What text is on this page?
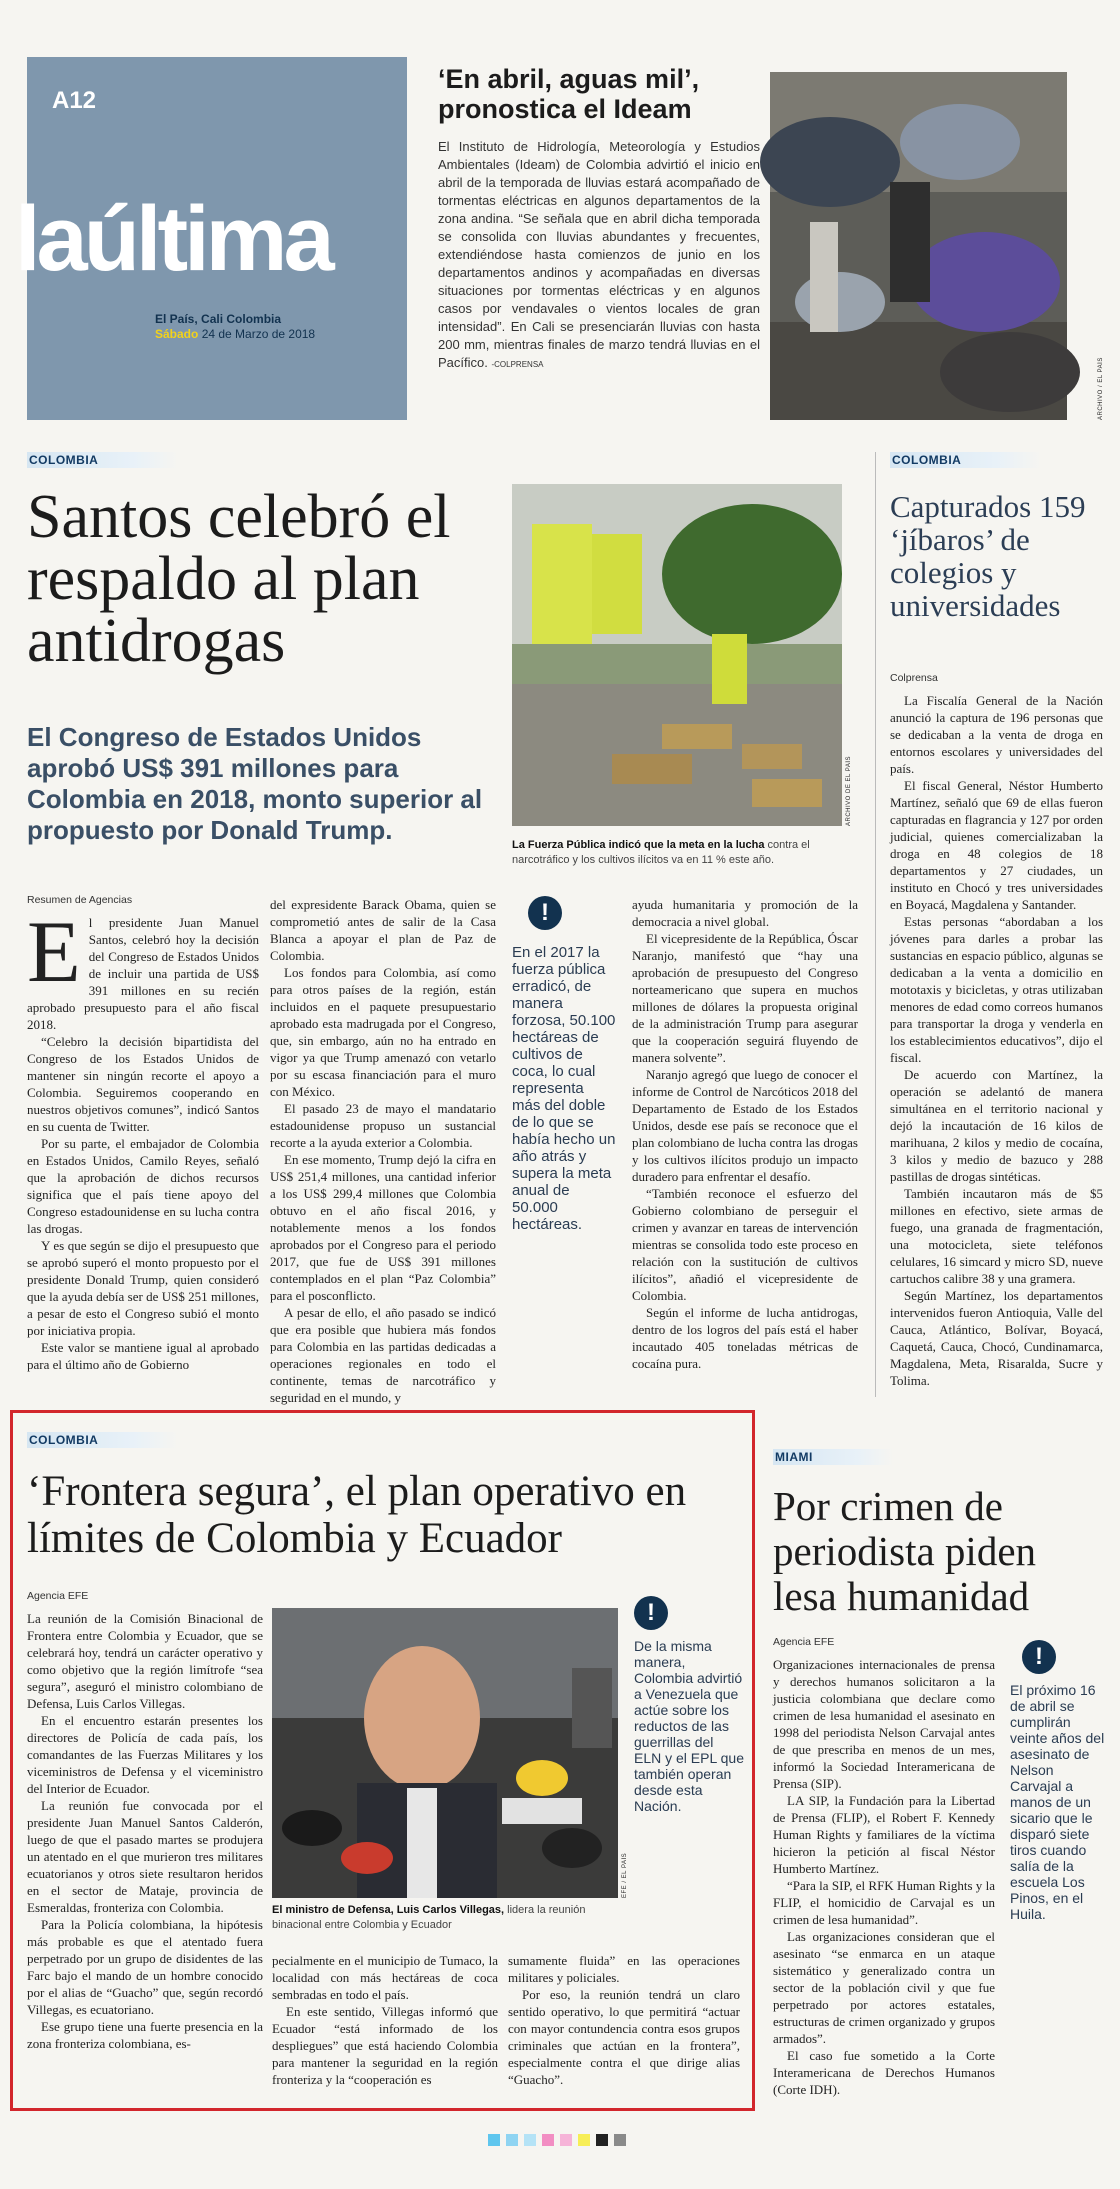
A12
laúltima
El País, Cali Colombia
Sábado 24 de Marzo de 2018
‘En abril, aguas mil’, pronostica el Ideam
El Instituto de Hidrología, Meteorología y Estudios Ambientales (Ideam) de Colombia advirtió el inicio en abril de la temporada de lluvias estará acompañado de tormentas eléctricas en algunos departamentos de la zona andina. “Se señala que en abril dicha temporada se consolida con lluvias abundantes y frecuentes, extendiéndose hasta comienzos de junio en los departamentos andinos y acompañadas en diversas situaciones por tormentas eléctricas y en algunos casos por vendavales o vientos locales de gran intensidad”. En Cali se presenciarán lluvias con hasta 200 mm, mientras finales de marzo tendrá lluvias en el Pacífico. -COLPRENSA	ARCHIVO / EL PAÍS
COLOMBIA
Santos celebró el respaldo al plan antidrogas
El Congreso de Estados Unidos aprobó US$ 391 millones para Colombia en 2018, monto superior al propuesto por Donald Trump.
ARCHIVO DE EL PAÍS
La Fuerza Pública indicó que la meta en la lucha contra el narcotráfico y los cultivos ilícitos va en 11 % este año.
Resumen de Agencias

El presidente Juan Manuel Santos, celebró hoy la decisión del Congreso de Estados Unidos de incluir una partida de US$ 391 millones en su recién aprobado presupuesto para el año fiscal 2018.

“Celebro la decisión bipartidista del Congreso de los Estados Unidos de mantener sin ningún recorte el apoyo a Colombia. Seguiremos cooperando en nuestros objetivos comunes”, indicó Santos en su cuenta de Twitter.

Por su parte, el embajador de Colombia en Estados Unidos, Camilo Reyes, señaló que la aprobación de dichos recursos significa que el país tiene apoyo del Congreso estadounidense en su lucha contra las drogas.

Y es que según se dijo el presupuesto que se aprobó superó el monto propuesto por el presidente Donald Trump, quien consideró que la ayuda debía ser de US$ 251 millones, a pesar de esto el Congreso subió el monto por iniciativa propia.

Este valor se mantiene igual al aprobado para el último año de Gobierno

del expresidente Barack Obama, quien se comprometió antes de salir de la Casa Blanca a apoyar el plan de Paz de Colombia.

Los fondos para Colombia, así como para otros países de la región, están incluidos en el paquete presupuestario aprobado esta madrugada por el Congreso, que, sin embargo, aún no ha entrado en vigor ya que Trump amenazó con vetarlo por su escasa financiación para el muro con México.

El pasado 23 de mayo el mandatario estadounidense propuso un sustancial recorte a la ayuda exterior a Colombia.

En ese momento, Trump dejó la cifra en US$ 251,4 millones, una cantidad inferior a los US$ 299,4 millones que Colombia obtuvo en el año fiscal 2016, y notablemente menos a los fondos aprobados por el Congreso para el periodo 2017, que fue de US$ 391 millones contemplados en el plan “Paz Colombia” para el posconflicto.

A pesar de ello, el año pasado se indicó que era posible que hubiera más fondos para Colombia en las partidas dedicadas a operaciones regionales en todo el continente, temas de narcotráfico y seguridad en el mundo, y

!
En el 2017 la fuerza pública erradicó, de manera forzosa, 50.100 hectáreas de cultivos de coca, lo cual representa más del doble de lo que se había hecho un año atrás y supera la meta anual de 50.000 hectáreas.

ayuda humanitaria y promoción de la democracia a nivel global.

El vicepresidente de la República, Óscar Naranjo, manifestó que “hay una aprobación de presupuesto del Congreso norteamericano que supera en muchos millones de dólares la propuesta original de la administración Trump para asegurar que la cooperación seguirá fluyendo de manera solvente”.

Naranjo agregó que luego de conocer el informe de Control de Narcóticos 2018 del Departamento de Estado de los Estados Unidos, desde ese país se reconoce que el plan colombiano de lucha contra las drogas y los cultivos ilícitos produjo un impacto duradero para enfrentar el desafío.

“También reconoce el esfuerzo del Gobierno colombiano de perseguir el crimen y avanzar en tareas de intervención mientras se consolida todo este proceso en relación con la sustitución de cultivos ilícitos”, añadió el vicepresidente de Colombia.

Según el informe de lucha antidrogas, dentro de los logros del país está el haber incautado 405 toneladas métricas de cocaína pura.

COLOMBIA
Capturados 159 ‘jíbaros’ de colegios y universidades
Colprensa

La Fiscalía General de la Nación anunció la captura de 196 personas que se dedicaban a la venta de droga en entornos escolares y universidades del país.

El fiscal General, Néstor Humberto Martínez, señaló que 69 de ellas fueron capturadas en flagrancia y 127 por orden judicial, quienes comercializaban la droga en 48 colegios de 18 departamentos y 27 ciudades, un instituto en Chocó y tres universidades en Boyacá, Magdalena y Santander.

Estas personas “abordaban a los jóvenes para darles a probar las sustancias en espacio público, algunas se dedicaban a la venta a domicilio en mototaxis y bicicletas, y otras utilizaban menores de edad como correos humanos para transportar la droga y venderla en los establecimientos educativos”, dijo el fiscal.

De acuerdo con Martínez, la operación se adelantó de manera simultánea en el territorio nacional y dejó la incautación de 16 kilos de marihuana, 2 kilos y medio de cocaína, 3 kilos y medio de bazuco y 288 pastillas de drogas sintéticas.

También incautaron más de $5 millones en efectivo, siete armas de fuego, una granada de fragmentación, una motocicleta, siete teléfonos celulares, 16 simcard y micro SD, nueve cartuchos calibre 38 y una gramera.

Según Martínez, los departamentos intervenidos fueron Antioquia, Valle del Cauca, Atlántico, Bolívar, Boyacá, Caquetá, Cauca, Chocó, Cundinamarca, Magdalena, Meta, Risaralda, Sucre y Tolima.

COLOMBIA
‘Frontera segura’, el plan operativo en límites de Colombia y Ecuador
Agencia EFE

La reunión de la Comisión Binacional de Frontera entre Colombia y Ecuador, que se celebrará hoy, tendrá un carácter operativo y como objetivo que la región limítrofe “sea segura”, aseguró el ministro colombiano de Defensa, Luis Carlos Villegas.

En el encuentro estarán presentes los directores de Policía de cada país, los comandantes de las Fuerzas Militares y los viceministros de Defensa y el viceministro del Interior de Ecuador.

La reunión fue convocada por el presidente Juan Manuel Santos Calderón, luego de que el pasado martes se produjera un atentado en el que murieron tres militares ecuatorianos y otros siete resultaron heridos en el sector de Mataje, provincia de Esmeraldas, fronteriza con Colombia.

Para la Policía colombiana, la hipótesis más probable es que el atentado fuera perpetrado por un grupo de disidentes de las Farc bajo el mando de un hombre conocido por el alias de “Guacho” que, según recordó Villegas, es ecuatoriano.

Ese grupo tiene una fuerte presencia en la zona fronteriza colombiana, es-

EFE / EL PAÍS
El ministro de Defensa, Luis Carlos Villegas, lidera la reunión binacional entre Colombia y Ecuador
!
De la misma manera, Colombia advirtió a Venezuela que actúe sobre los reductos de las guerrillas del ELN y el EPL que también operan desde esta Nación.

pecialmente en el municipio de Tumaco, la localidad con más hectáreas de coca sembradas en todo el país.

En este sentido, Villegas informó que Ecuador “está informado de los despliegues” que está haciendo Colombia para mantener la seguridad en la región fronteriza y la “cooperación es

sumamente fluida” en las operaciones militares y policiales.

Por eso, la reunión tendrá un claro sentido operativo, lo que permitirá “actuar con mayor contundencia contra esos grupos criminales que actúan en la frontera”, especialmente contra el que dirige alias “Guacho”.

MIAMI
Por crimen de periodista piden lesa humanidad
Agencia EFE

Organizaciones internacionales de prensa y derechos humanos solicitaron a la justicia colombiana que declare como crimen de lesa humanidad el asesinato en 1998 del periodista Nelson Carvajal antes de que prescriba en menos de un mes, informó la Sociedad Interamericana de Prensa (SIP).

LA SIP, la Fundación para la Libertad de Prensa (FLIP), el Robert F. Kennedy Human Rights y familiares de la víctima hicieron la petición al fiscal Néstor Humberto Martínez.

“Para la SIP, el RFK Human Rights y la FLIP, el homicidio de Carvajal es un crimen de lesa humanidad”.

Las organizaciones consideran que el asesinato “se enmarca en un ataque sistemático y generalizado contra un sector de la población civil y que fue perpetrado por actores estatales, estructuras de crimen organizado y grupos armados”.

El caso fue sometido a la Corte Interamericana de Derechos Humanos (Corte IDH).

!
El próximo 16 de abril se cumplirán veinte años del asesinato de Nelson Carvajal a manos de un sicario que le disparó siete tiros cuando salía de la escuela Los Pinos, en el Huila.
